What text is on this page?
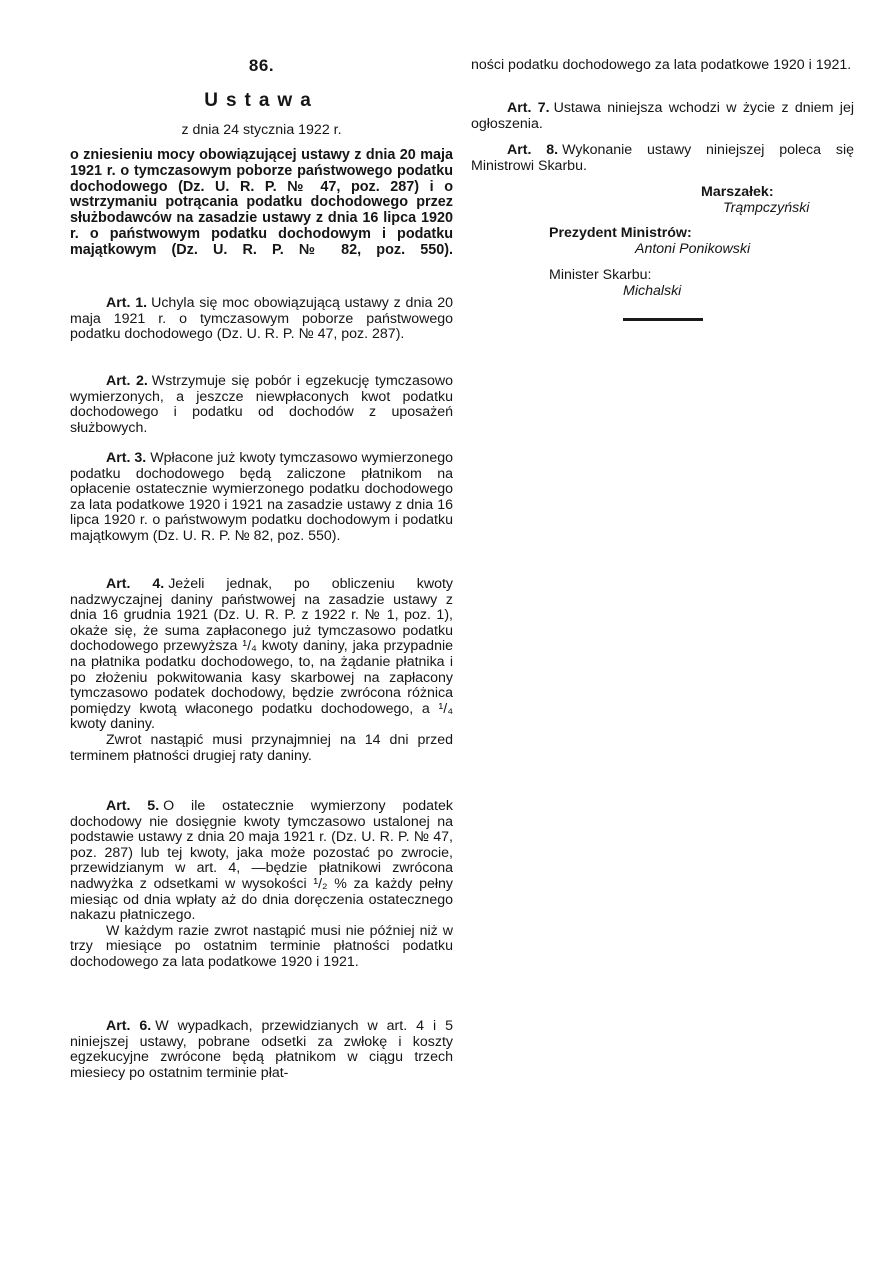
86.
Ustawa
z dnia 24 stycznia 1922 r.
o zniesieniu mocy obowiązującej ustawy z dnia 20 maja 1921 r. o tymczasowym poborze państwowego podatku dochodowego (Dz. U. R. P. № 47, poz. 287) i o wstrzymaniu potrącania podatku dochodowego przez służbodawców na zasadzie ustawy z dnia 16 lipca 1920 r. o państwowym podatku dochodowym i podatku majątkowym (Dz. U. R. P. № 82, poz. 550).

Art. 1. Uchyla się moc obowiązującą ustawy z dnia 20 maja 1921 r. o tymczasowym poborze państwowego podatku dochodowego (Dz. U. R. P. № 47, poz. 287).

Art. 2. Wstrzymuje się pobór i egzekucję tymczasowo wymierzonych, a jeszcze niewpłaconych kwot podatku dochodowego i podatku od dochodów z uposażeń służbowych.

Art. 3. Wpłacone już kwoty tymczasowo wymierzonego podatku dochodowego będą zaliczone płatnikom na opłacenie ostatecznie wymierzonego podatku dochodowego za lata podatkowe 1920 i 1921 na zasadzie ustawy z dnia 16 lipca 1920 r. o państwowym podatku dochodowym i podatku majątkowym (Dz. U. R. P. № 82, poz. 550).

Art. 4. Jeżeli jednak, po obliczeniu kwoty nadzwyczajnej daniny państwowej na zasadzie ustawy z dnia 16 grudnia 1921 (Dz. U. R. P. z 1922 r. № 1, poz. 1), okaże się, że suma zapłaconego już tymczasowo podatku dochodowego przewyższa ¹/₄ kwoty daniny, jaka przypadnie na płatnika podatku dochodowego, to, na żądanie płatnika i po złożeniu pokwitowania kasy skarbowej na zapłacony tymczasowo podatek dochodowy, będzie zwrócona różnica pomiędzy kwotą właconego podatku dochodowego, a ¹/₄ kwoty daniny.

Zwrot nastąpić musi przynajmniej na 14 dni przed terminem płatności drugiej raty daniny.

Art. 5. O ile ostatecznie wymierzony podatek dochodowy nie dosięgnie kwoty tymczasowo ustalonej na podstawie ustawy z dnia 20 maja 1921 r. (Dz. U. R. P. № 47, poz. 287) lub tej kwoty, jaka może pozostać po zwrocie, przewidzianym w art. 4, —będzie płatnikowi zwrócona nadwyżka z odsetkami w wysokości ¹/₂ % za każdy pełny miesiąc od dnia wpłaty aż do dnia doręczenia ostatecznego nakazu płatniczego.

W każdym razie zwrot nastąpić musi nie później niż w trzy miesiące po ostatnim terminie płatności podatku dochodowego za lata podatkowe 1920 i 1921.

Art. 6. W wypadkach, przewidzianych w art. 4 i 5 niniejszej ustawy, pobrane odsetki za zwłokę i koszty egzekucyjne zwrócone będą płatnikom w ciągu trzech miesiecy po ostatnim terminie płat-

ności podatku dochodowego za lata podatkowe 1920 i 1921.

Art. 7. Ustawa niniejsza wchodzi w życie z dniem jej ogłoszenia.

Art. 8. Wykonanie ustawy niniejszej poleca się Ministrowi Skarbu.

Marszałek:
Trąmpczyński
Prezydent Ministrów:
Antoni Ponikowski
Minister Skarbu:
Michalski
